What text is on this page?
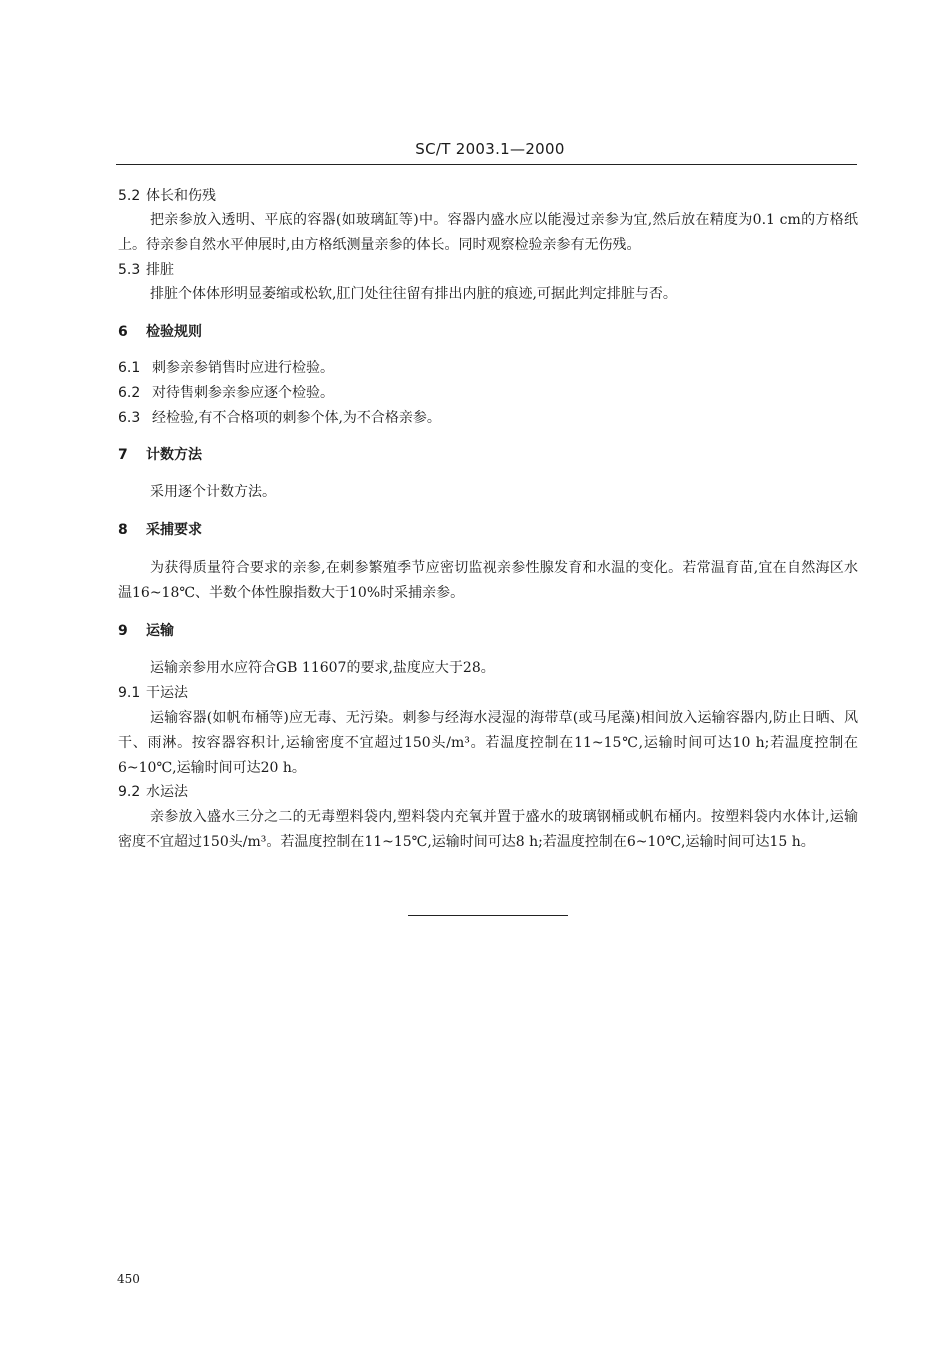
SC/T 2003.1—2000
5.2 体长和伤残
把亲参放入透明、平底的容器(如玻璃缸等)中。容器内盛水应以能漫过亲参为宜,然后放在精度为0.1 cm的方格纸上。待亲参自然水平伸展时,由方格纸测量亲参的体长。同时观察检验亲参有无伤残。
5.3 排脏
排脏个体体形明显萎缩或松软,肛门处往往留有排出内脏的痕迹,可据此判定排脏与否。
6 检验规则
6.1 刺参亲参销售时应进行检验。
6.2 对待售刺参亲参应逐个检验。
6.3 经检验,有不合格项的刺参个体,为不合格亲参。
7 计数方法
采用逐个计数方法。
8 采捕要求
为获得质量符合要求的亲参,在刺参繁殖季节应密切监视亲参性腺发育和水温的变化。若常温育苗,宜在自然海区水温16~18℃、半数个体性腺指数大于10%时采捕亲参。
9 运输
运输亲参用水应符合GB 11607的要求,盐度应大于28。
9.1 干运法
运输容器(如帆布桶等)应无毒、无污染。刺参与经海水浸湿的海带草(或马尾藻)相间放入运输容器内,防止日晒、风干、雨淋。按容器容积计,运输密度不宜超过150头/m³。若温度控制在11~15℃,运输时间可达10 h;若温度控制在6~10℃,运输时间可达20 h。
9.2 水运法
亲参放入盛水三分之二的无毒塑料袋内,塑料袋内充氧并置于盛水的玻璃钢桶或帆布桶内。按塑料袋内水体计,运输密度不宜超过150头/m³。若温度控制在11~15℃,运输时间可达8 h;若温度控制在6~10℃,运输时间可达15 h。
450
